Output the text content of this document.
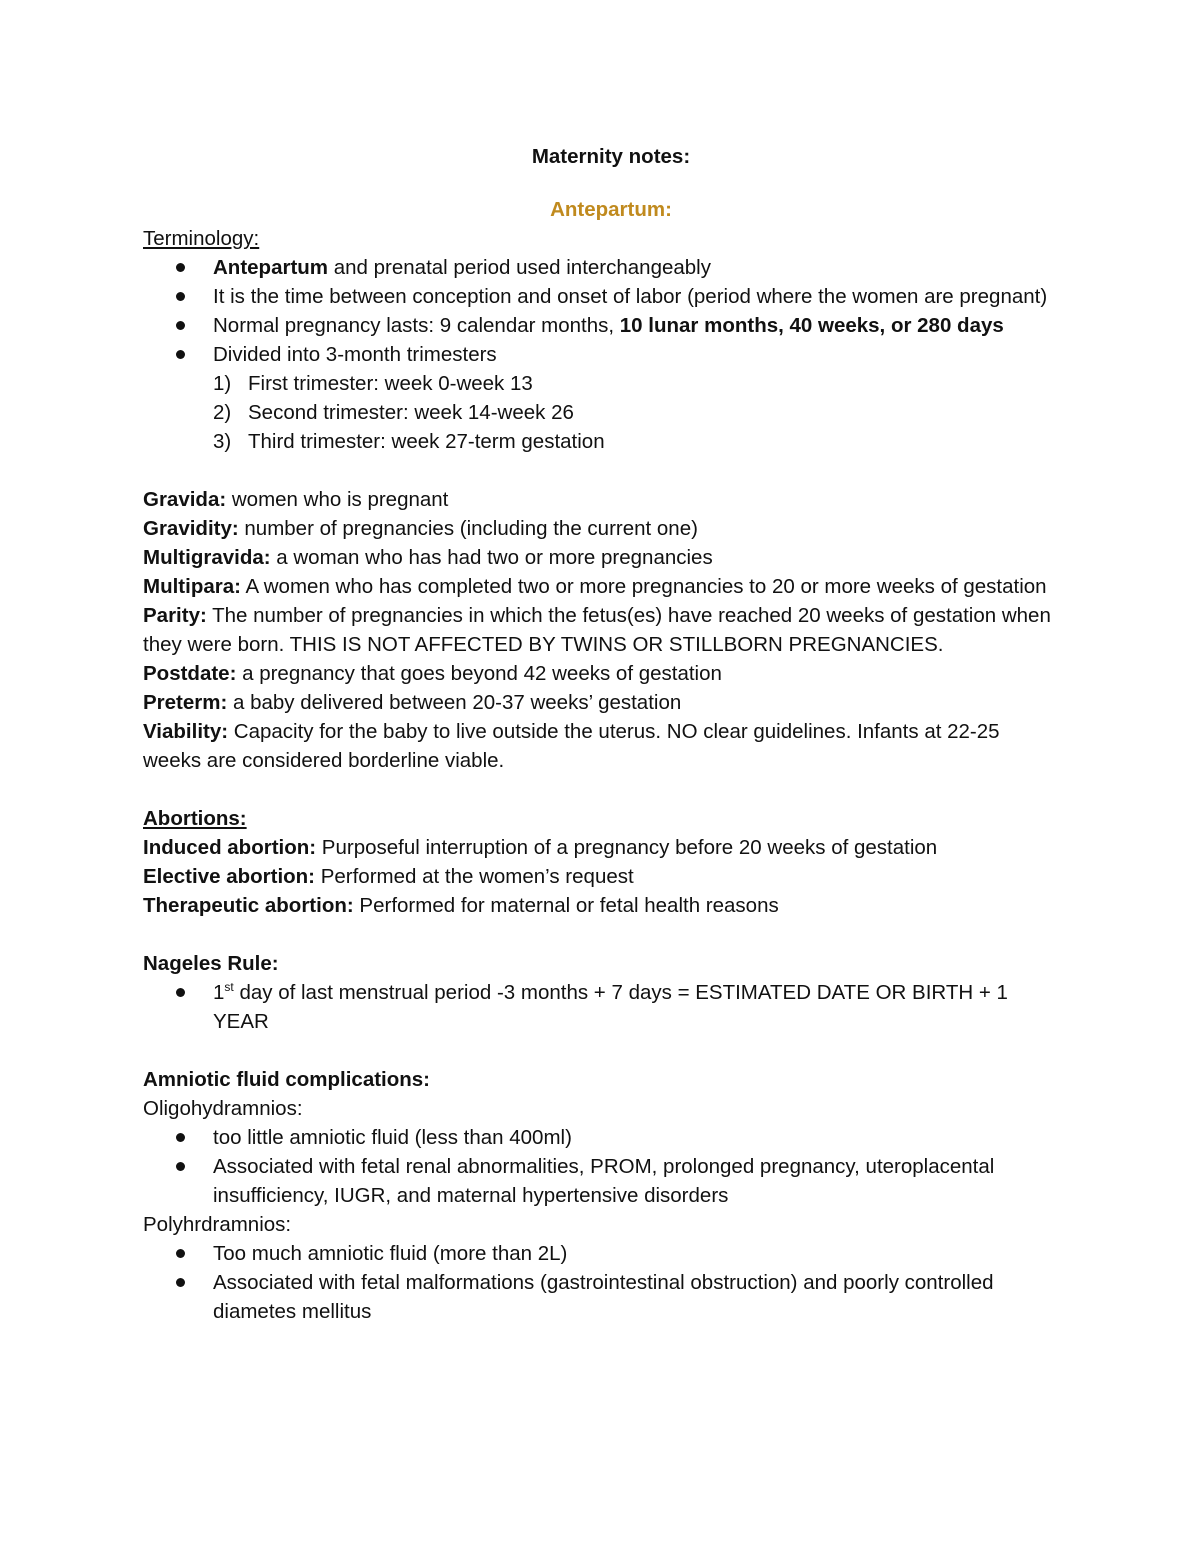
Maternity notes:
Antepartum:
Terminology:
Antepartum and prenatal period used interchangeably
It is the time between conception and onset of labor (period where the women are pregnant)
Normal pregnancy lasts: 9 calendar months, 10 lunar months, 40 weeks, or 280 days
Divided into 3-month trimesters
1) First trimester: week 0-week 13
2) Second trimester: week 14-week 26
3) Third trimester: week 27-term gestation
Gravida: women who is pregnant
Gravidity: number of pregnancies (including the current one)
Multigravida: a woman who has had two or more pregnancies
Multipara: A women who has completed two or more pregnancies to 20 or more weeks of gestation
Parity: The number of pregnancies in which the fetus(es) have reached 20 weeks of gestation when they were born. THIS IS NOT AFFECTED BY TWINS OR STILLBORN PREGNANCIES.
Postdate: a pregnancy that goes beyond 42 weeks of gestation
Preterm: a baby delivered between 20-37 weeks’ gestation
Viability: Capacity for the baby to live outside the uterus. NO clear guidelines. Infants at 22-25 weeks are considered borderline viable.
Abortions:
Induced abortion: Purposeful interruption of a pregnancy before 20 weeks of gestation
Elective abortion: Performed at the women’s request
Therapeutic abortion: Performed for maternal or fetal health reasons
Nageles Rule:
1st day of last menstrual period -3 months + 7 days = ESTIMATED DATE OR BIRTH + 1 YEAR
Amniotic fluid complications:
Oligohydramnios:
too little amniotic fluid (less than 400ml)
Associated with fetal renal abnormalities, PROM, prolonged pregnancy, uteroplacental insufficiency, IUGR, and maternal hypertensive disorders
Polyhrdramnios:
Too much amniotic fluid (more than 2L)
Associated with fetal malformations (gastrointestinal obstruction) and poorly controlled diametes mellitus
